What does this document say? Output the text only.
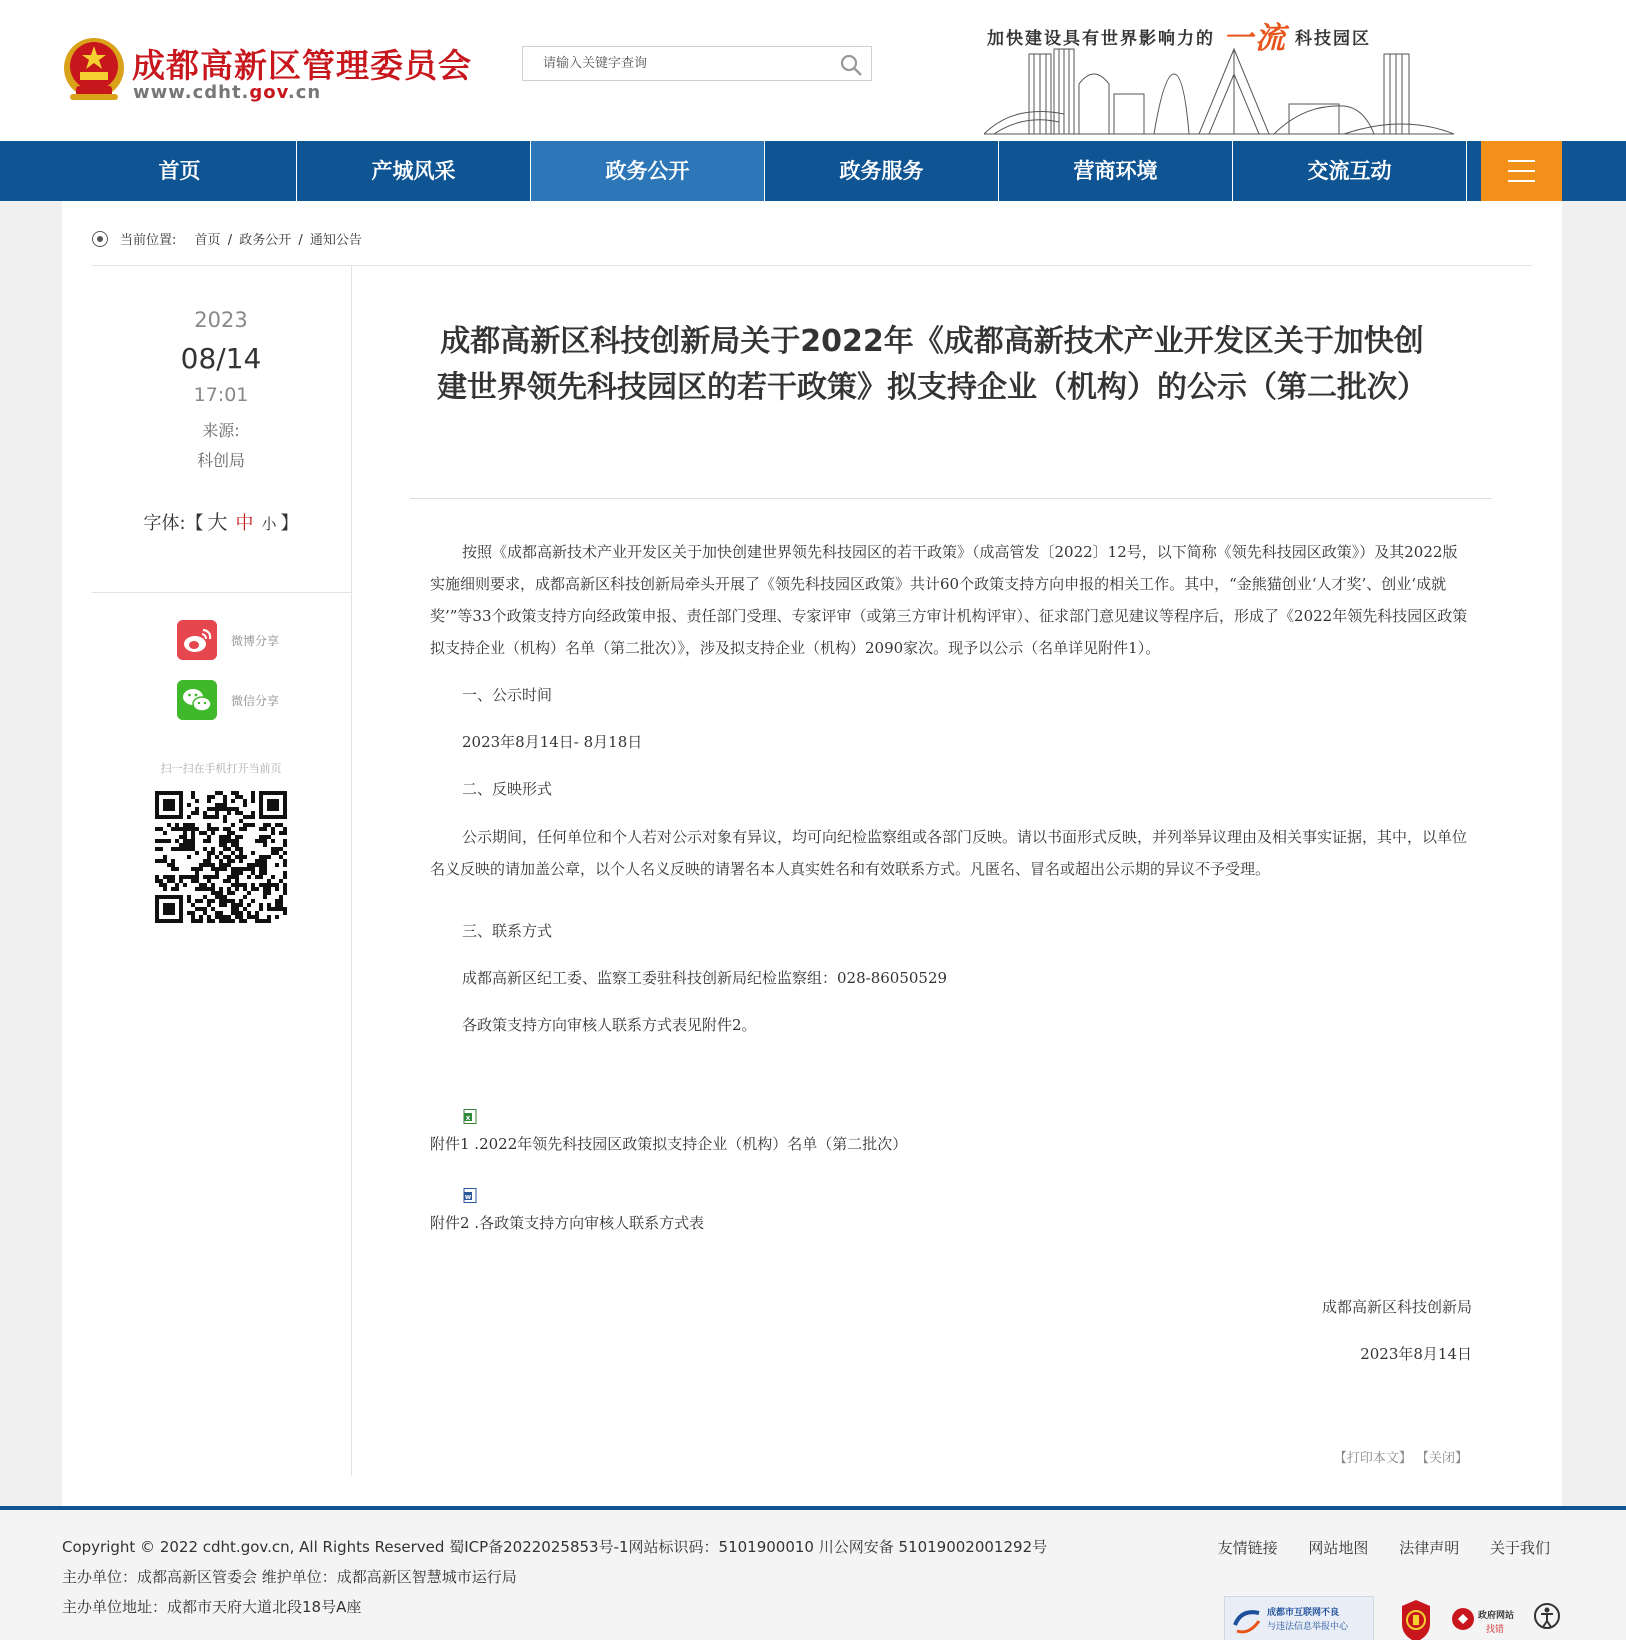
成都高新区管理委员会
www.cdht.gov.cn
请输入关键字查询
加快建设具有世界影响力的 一流 科技园区
首页	产城风采	政务公开	政务服务	营商环境	交流互动
当前位置: 首页 / 政务公开 / 通知公告
2023
08/14
17:01
来源:
科创局
字体:【 大 中 小 】
微博分享
微信分享
扫一扫在手机打开当前页
成都高新区科技创新局关于2022年《成都高新技术产业开发区关于加快创建世界领先科技园区的若干政策》拟支持企业（机构）的公示（第二批次）
按照《成都高新技术产业开发区关于加快创建世界领先科技园区的若干政策》（成高管发〔2022〕12号，以下简称《领先科技园区政策》）及其2022版实施细则要求，成都高新区科技创新局牵头开展了《领先科技园区政策》共计60个政策支持方向申报的相关工作。其中，“金熊猫创业‘人才奖’、创业‘成就奖’”等33个政策支持方向经政策申报、责任部门受理、专家评审（或第三方审计机构评审）、征求部门意见建议等程序后，形成了《2022年领先科技园区政策拟支持企业（机构）名单（第二批次）》，涉及拟支持企业（机构）2090家次。现予以公示（名单详见附件1）。
一、公示时间
2023年8月14日- 8月18日
二、反映形式
公示期间，任何单位和个人若对公示对象有异议，均可向纪检监察组或各部门反映。请以书面形式反映，并列举异议理由及相关事实证据，其中，以单位名义反映的请加盖公章，以个人名义反映的请署名本人真实姓名和有效联系方式。凡匿名、冒名或超出公示期的异议不予受理。
三、联系方式
成都高新区纪工委、监察工委驻科技创新局纪检监察组：028-86050529
各政策支持方向审核人联系方式表见附件2。
x
附件1 .2022年领先科技园区政策拟支持企业（机构）名单（第二批次）
w
附件2 .各政策支持方向审核人联系方式表
成都高新区科技创新局
2023年8月14日
【打印本文】 【关闭】
Copyright © 2022 cdht.gov.cn, All Rights Reserved 蜀ICP备2022025853号-1网站标识码：5101900010 川公网安备 51019002001292号
主办单位：成都高新区管委会 维护单位：成都高新区智慧城市运行局
主办单位地址：成都市天府大道北段18号A座
友情链接 网站地图 法律声明 关于我们
成都市互联网不良
与违法信息举报中心
政府网站
找错
